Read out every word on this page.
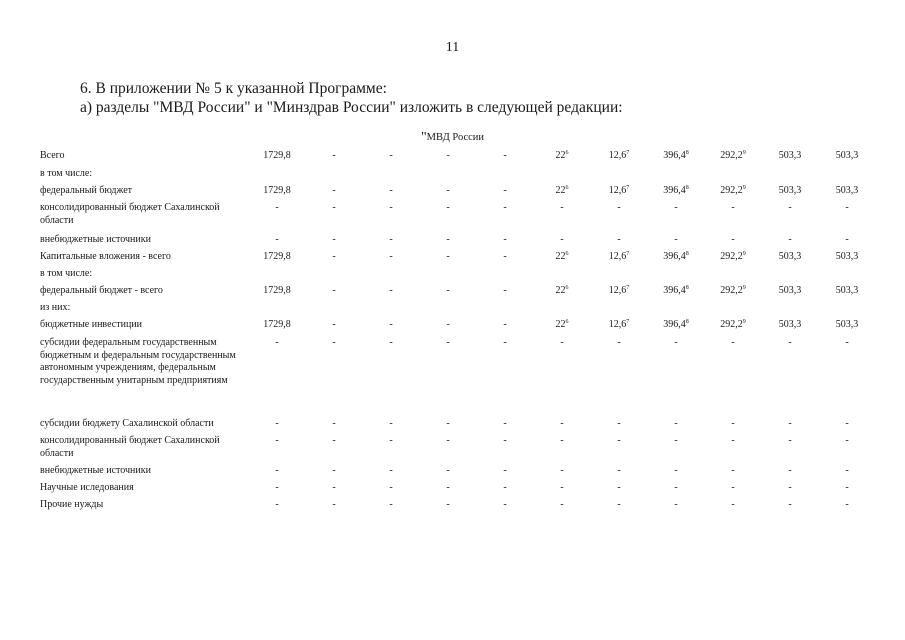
11
6. В приложении № 5 к указанной Программе:
а) разделы "МВД России" и "Минздрав России" изложить в следующей редакции:
"МВД России
Всего	1729,8	-	-	-	-	$22^6$	12,6$^7$	396,4$^8$	292,2$^9$	503,3	503,3
в том числе:
федеральный бюджет	1729,8	-	-	-	-	$22^6$	12,6$^7$	396,4$^8$	292,2$^9$	503,3	503,3
консолидированный бюджет Сахалинской области
-	-	-	-	-	-	-	-	-	-	-
внебюджетные источники	-	-	-	-	-	-	-	-	-	-	-
Капитальные вложения - всего	1729,8	-	-	-	-	$22^6$	12,6$^7$	396,4$^8$	292,2$^9$	503,3	503,3
в том числе:
федеральный бюджет - всего	1729,8	-	-	-	-	$22^6$	12,6$^7$	396,4$^8$	292,2$^9$	503,3	503,3
из них:
бюджетные инвестиции	1729,8	-	-	-	-	$22^6$	12,6$^7$	396,4$^8$	292,2$^9$	503,3	503,3
субсидии федеральным государственным бюджетным и федеральным государственным автономным учреждениям, федеральным государственным унитарным предприятиям
-	-	-	-	-	-	-	-	-	-	-
субсидии бюджету Сахалинской области	-	-	-	-	-	-	-	-	-	-	-
консолидированный бюджет Сахалинской области
-	-	-	-	-	-	-	-	-	-	-
внебюджетные источники	-	-	-	-	-	-	-	-	-	-	-
Научные иследования	-	-	-	-	-	-	-	-	-	-	-
Прочие нужды	-	-	-	-	-	-	-	-	-	-	-
